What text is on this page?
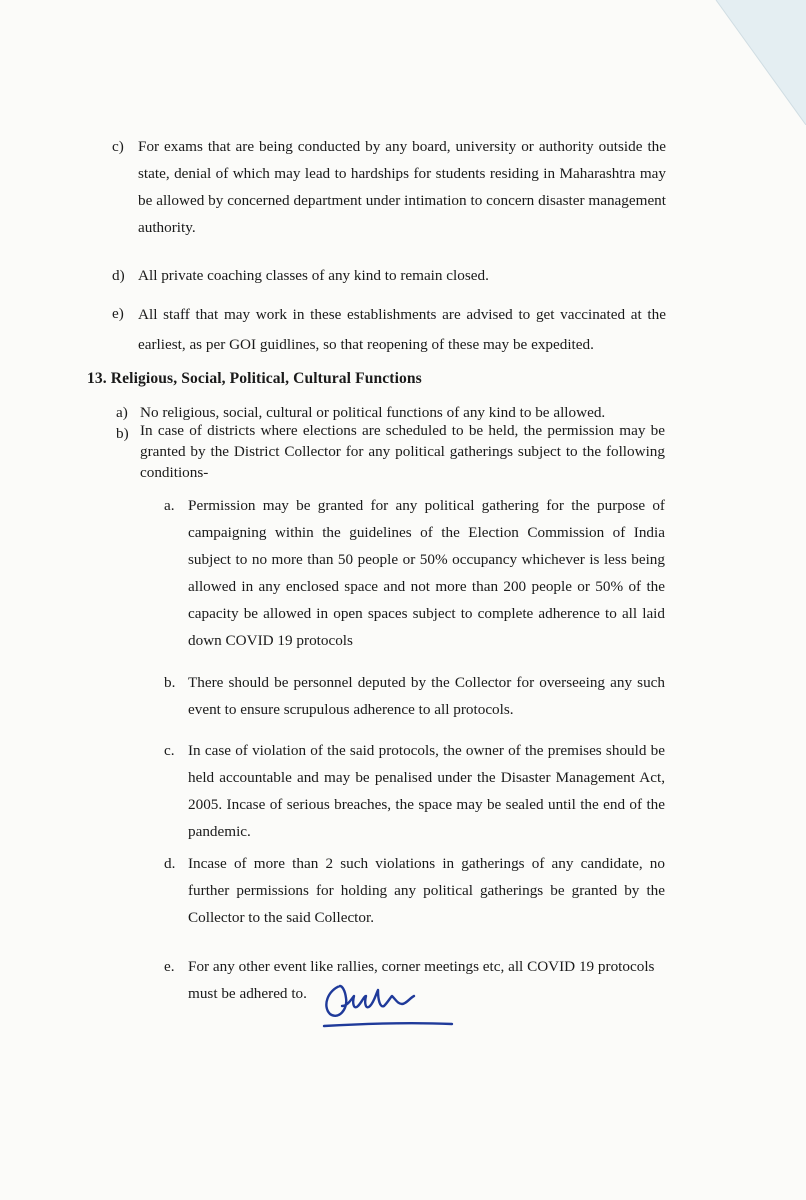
c) For exams that are being conducted by any board, university or authority outside the state, denial of which may lead to hardships for students residing in Maharashtra may be allowed by concerned department under intimation to concern disaster management authority.
d) All private coaching classes of any kind to remain closed.
e) All staff that may work in these establishments are advised to get vaccinated at the earliest, as per GOI guidlines, so that reopening of these may be expedited.
13. Religious, Social, Political, Cultural Functions
a) No religious, social, cultural or political functions of any kind to be allowed.
b) In case of districts where elections are scheduled to be held, the permission may be granted by the District Collector for any political gatherings subject to the following conditions-
a. Permission may be granted for any political gathering for the purpose of campaigning within the guidelines of the Election Commission of India subject to no more than 50 people or 50% occupancy whichever is less being allowed in any enclosed space and not more than 200 people or 50% of the capacity be allowed in open spaces subject to complete adherence to all laid down COVID 19 protocols
b. There should be personnel deputed by the Collector for overseeing any such event to ensure scrupulous adherence to all protocols.
c. In case of violation of the said protocols, the owner of the premises should be held accountable and may be penalised under the Disaster Management Act, 2005. Incase of serious breaches, the space may be sealed until the end of the pandemic.
d. Incase of more than 2 such violations in gatherings of any candidate, no further permissions for holding any political gatherings be granted by the Collector to the said Collector.
e. For any other event like rallies, corner meetings etc, all COVID 19 protocols must be adhered to.
